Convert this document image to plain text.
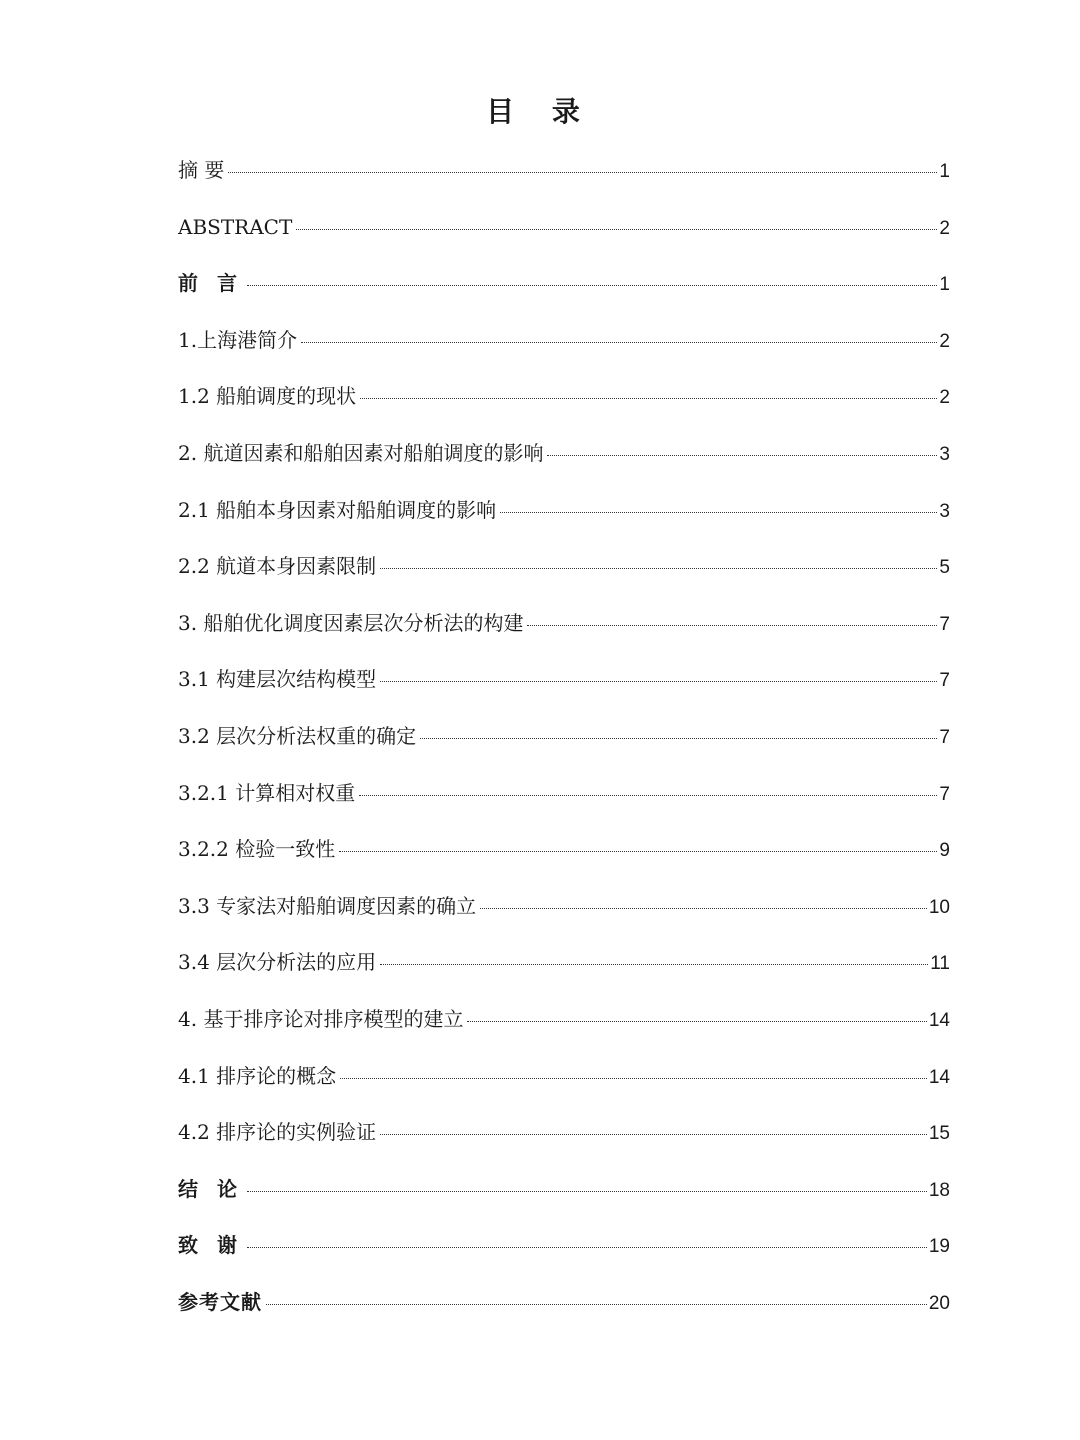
目 录
摘 要	1
ABSTRACT	2
前 言	1
1.上海港简介	2
1.2 船舶调度的现状	2
2. 航道因素和船舶因素对船舶调度的影响	3
2.1 船舶本身因素对船舶调度的影响	3
2.2 航道本身因素限制	5
3. 船舶优化调度因素层次分析法的构建	7
3.1 构建层次结构模型	7
3.2 层次分析法权重的确定	7
3.2.1 计算相对权重	7
3.2.2 检验一致性	9
3.3 专家法对船舶调度因素的确立	10
3.4 层次分析法的应用	11
4. 基于排序论对排序模型的建立	14
4.1 排序论的概念	14
4.2 排序论的实例验证	15
结 论	18
致 谢	19
参考文献	20
